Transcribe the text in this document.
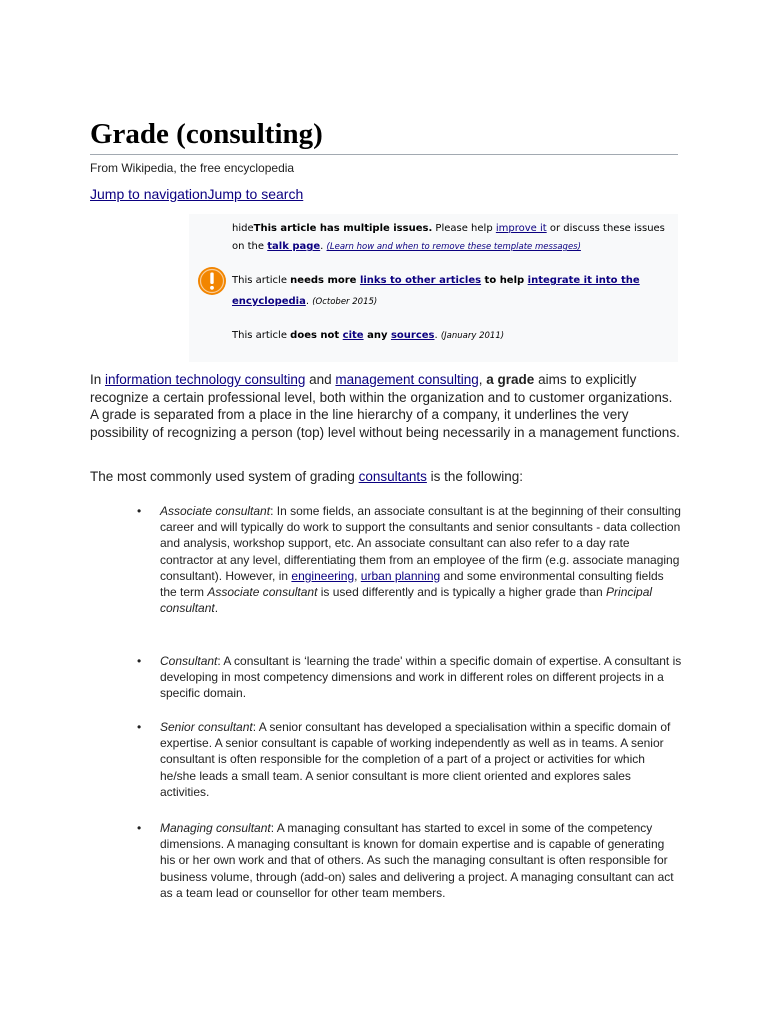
Grade (consulting)
From Wikipedia, the free encyclopedia
Jump to navigationJump to search
hideThis article has multiple issues. Please help improve it or discuss these issues on the talk page. (Learn how and when to remove these template messages)
This article needs more links to other articles to help integrate it into the encyclopedia. (October 2015)
This article does not cite any sources. (January 2011)

In information technology consulting and management consulting, a grade aims to explicitly recognize a certain professional level, both within the organization and to customer organizations. A grade is separated from a place in the line hierarchy of a company, it underlines the very possibility of recognizing a person (top) level without being necessarily in a management functions.

The most commonly used system of grading consultants is the following:

• Associate consultant: In some fields, an associate consultant is at the beginning of their consulting career and will typically do work to support the consultants and senior consultants - data collection and analysis, workshop support, etc. An associate consultant can also refer to a day rate contractor at any level, differentiating them from an employee of the firm (e.g. associate managing consultant). However, in engineering, urban planning and some environmental consulting fields the term Associate consultant is used differently and is typically a higher grade than Principal consultant.
• Consultant: A consultant is ‘learning the trade' within a specific domain of expertise. A consultant is developing in most competency dimensions and work in different roles on different projects in a specific domain.
• Senior consultant: A senior consultant has developed a specialisation within a specific domain of expertise. A senior consultant is capable of working independently as well as in teams. A senior consultant is often responsible for the completion of a part of a project or activities for which he/she leads a small team. A senior consultant is more client oriented and explores sales activities.
• Managing consultant: A managing consultant has started to excel in some of the competency dimensions. A managing consultant is known for domain expertise and is capable of generating his or her own work and that of others. As such the managing consultant is often responsible for business volume, through (add-on) sales and delivering a project. A managing consultant can act as a team lead or counsellor for other team members.
